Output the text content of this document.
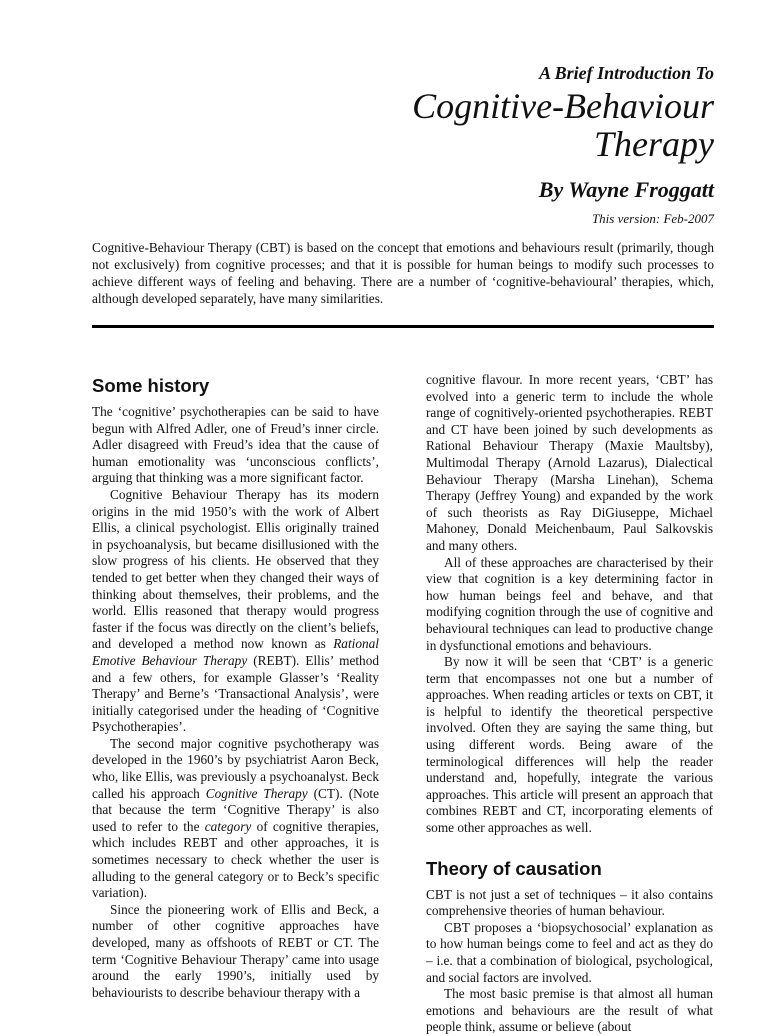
A Brief Introduction To
Cognitive-Behaviour
Therapy
By Wayne Froggatt
This version: Feb-2007
Cognitive-Behaviour Therapy (CBT) is based on the concept that emotions and behaviours result (primarily, though not exclusively) from cognitive processes; and that it is possible for human beings to modify such processes to achieve different ways of feeling and behaving. There are a number of ‘cognitive-behavioural’ therapies, which, although developed separately, have many similarities.
Some history

The ‘cognitive’ psychotherapies can be said to have begun with Alfred Adler, one of Freud’s inner circle. Adler disagreed with Freud’s idea that the cause of human emotionality was ‘unconscious conflicts’, arguing that thinking was a more significant factor.

Cognitive Behaviour Therapy has its modern origins in the mid 1950’s with the work of Albert Ellis, a clinical psychologist. Ellis originally trained in psychoanalysis, but became disillusioned with the slow progress of his clients. He observed that they tended to get better when they changed their ways of thinking about themselves, their problems, and the world. Ellis reasoned that therapy would progress faster if the focus was directly on the client’s beliefs, and developed a method now known as Rational Emotive Behaviour Therapy (REBT). Ellis’ method and a few others, for example Glasser’s ‘Reality Therapy’ and Berne’s ‘Transactional Analysis’, were initially categorised under the heading of ‘Cognitive Psychotherapies’.

The second major cognitive psychotherapy was developed in the 1960’s by psychiatrist Aaron Beck, who, like Ellis, was previously a psychoanalyst. Beck called his approach Cognitive Therapy (CT). (Note that because the term ‘Cognitive Therapy’ is also used to refer to the category of cognitive therapies, which includes REBT and other approaches, it is sometimes necessary to check whether the user is alluding to the general category or to Beck’s specific variation).

Since the pioneering work of Ellis and Beck, a number of other cognitive approaches have developed, many as offshoots of REBT or CT. The term ‘Cognitive Behaviour Therapy’ came into usage around the early 1990’s, initially used by behaviourists to describe behaviour therapy with a

cognitive flavour. In more recent years, ‘CBT’ has evolved into a generic term to include the whole range of cognitively-oriented psychotherapies. REBT and CT have been joined by such developments as Rational Behaviour Therapy (Maxie Maultsby), Multimodal Therapy (Arnold Lazarus), Dialectical Behaviour Therapy (Marsha Linehan), Schema Therapy (Jeffrey Young) and expanded by the work of such theorists as Ray DiGiuseppe, Michael Mahoney, Donald Meichenbaum, Paul Salkovskis and many others.

All of these approaches are characterised by their view that cognition is a key determining factor in how human beings feel and behave, and that modifying cognition through the use of cognitive and behavioural techniques can lead to productive change in dysfunctional emotions and behaviours.

By now it will be seen that ‘CBT’ is a generic term that encompasses not one but a number of approaches. When reading articles or texts on CBT, it is helpful to identify the theoretical perspective involved. Often they are saying the same thing, but using different words. Being aware of the terminological differences will help the reader understand and, hopefully, integrate the various approaches. This article will present an approach that combines REBT and CT, incorporating elements of some other approaches as well.

Theory of causation

CBT is not just a set of techniques – it also contains comprehensive theories of human behaviour.

CBT proposes a ‘biopsychosocial’ explanation as to how human beings come to feel and act as they do – i.e. that a combination of biological, psychological, and social factors are involved.

The most basic premise is that almost all human emotions and behaviours are the result of what people think, assume or believe (about
